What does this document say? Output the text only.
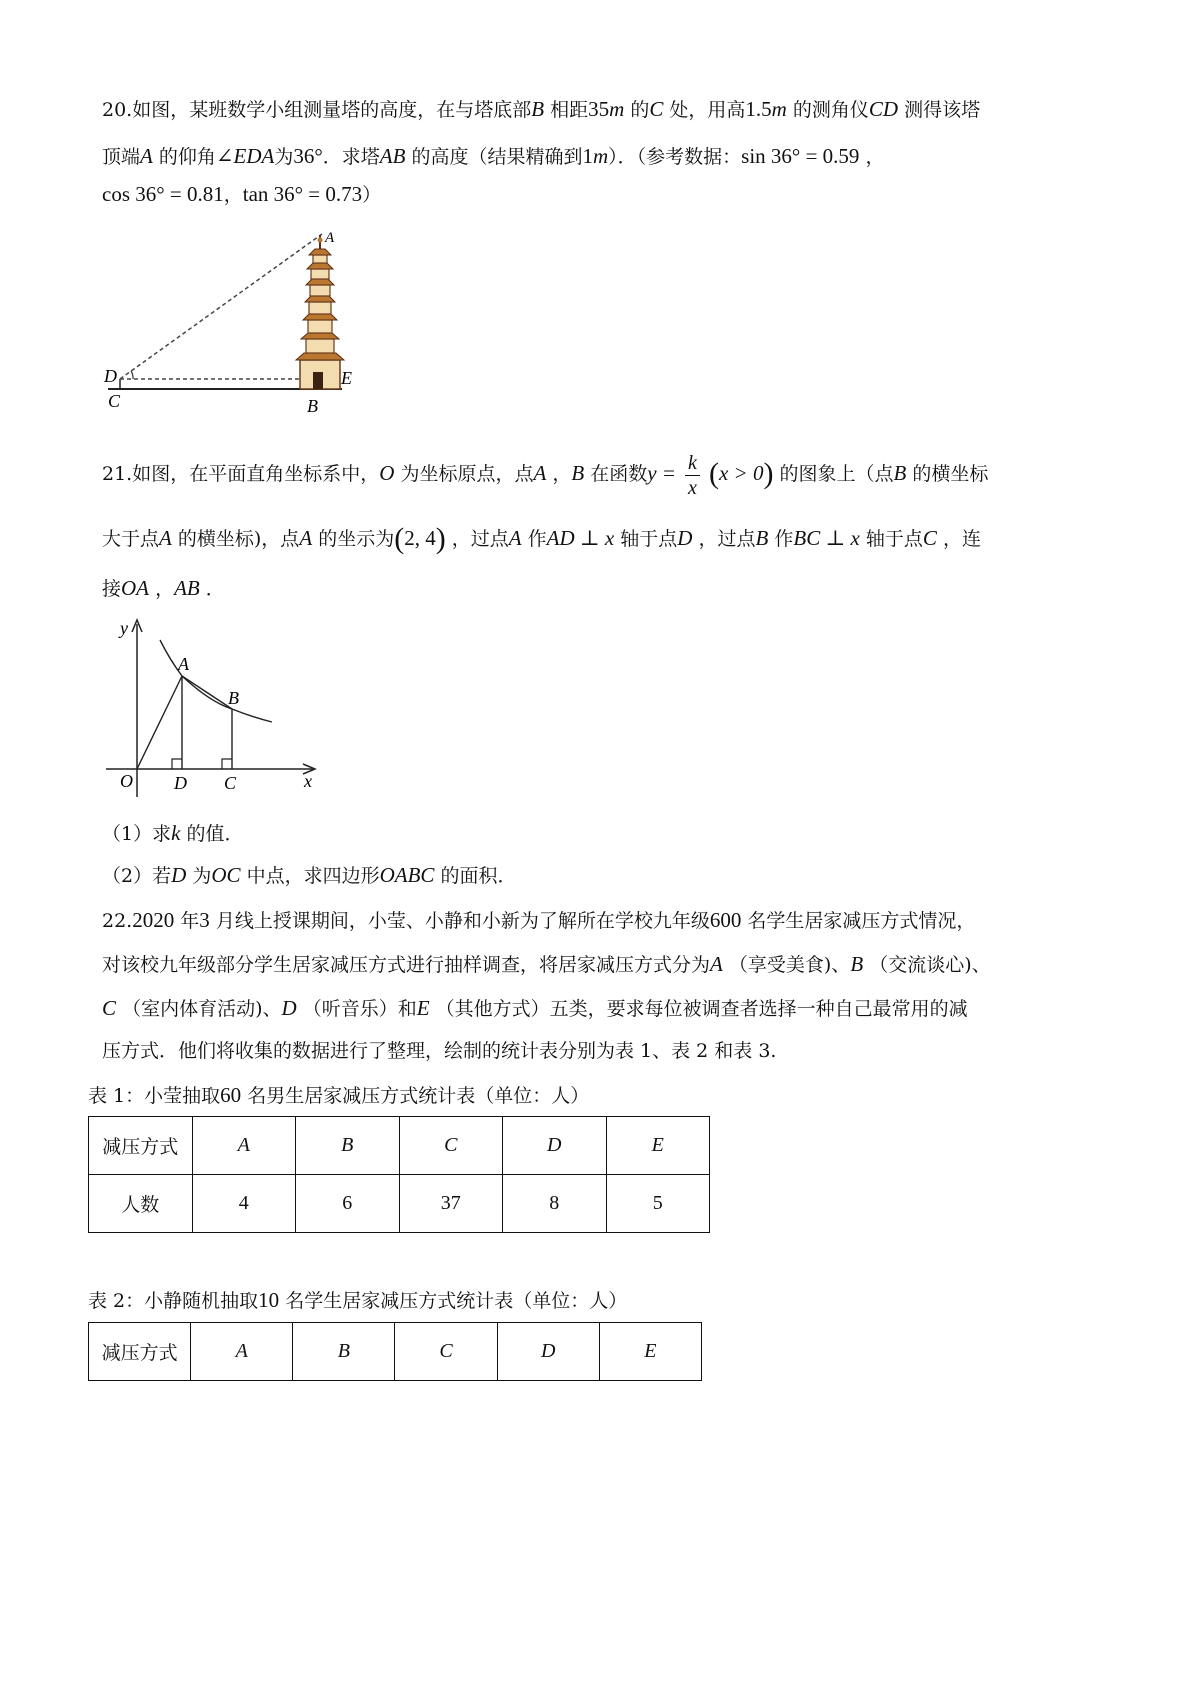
20.如图，某班数学小组测量塔的高度，在与塔底部B 相距35m 的C 处，用高1.5m 的测角仪CD 测得该塔
顶端A 的仰角∠EDA为36°．求塔AB 的高度（结果精确到1m）．（参考数据：sin 36° = 0.59 ，
cos 36° = 0.81，tan 36° = 0.73）
A
D
C
E
B
21.如图，在平面直角坐标系中，O 为坐标原点，点A ，B 在函数$y = \frac{k}{x} (x > 0)$ 的图象上（点B 的横坐标
大于点A 的横坐标)，点A 的坐示为(2, 4) ，过点A 作AD ⊥ x 轴于点D ，过点B 作BC ⊥ x 轴于点C ，连
接OA ，AB ．
y
x
O
A
B
D C
（1）求k 的值．
（2）若D 为OC 中点，求四边形OABC 的面积．
22.2020 年3 月线上授课期间，小莹、小静和小新为了解所在学校九年级600 名学生居家减压方式情况，
对该校九年级部分学生居家减压方式进行抽样调查，将居家减压方式分为A （享受美食)、B （交流谈心)、
C （室内体育活动)、D （听音乐）和E （其他方式）五类，要求每位被调查者选择一种自己最常用的减
压方式．他们将收集的数据进行了整理，绘制的统计表分别为表 1、表 2 和表 3.
表 1：小莹抽取60 名男生居家减压方式统计表（单位：人）
减压方式	A	B	C	D	E
人数	4	6	37	8	5
表 2：小静随机抽取10 名学生居家减压方式统计表（单位：人）
减压方式	A	B	C	D	E
